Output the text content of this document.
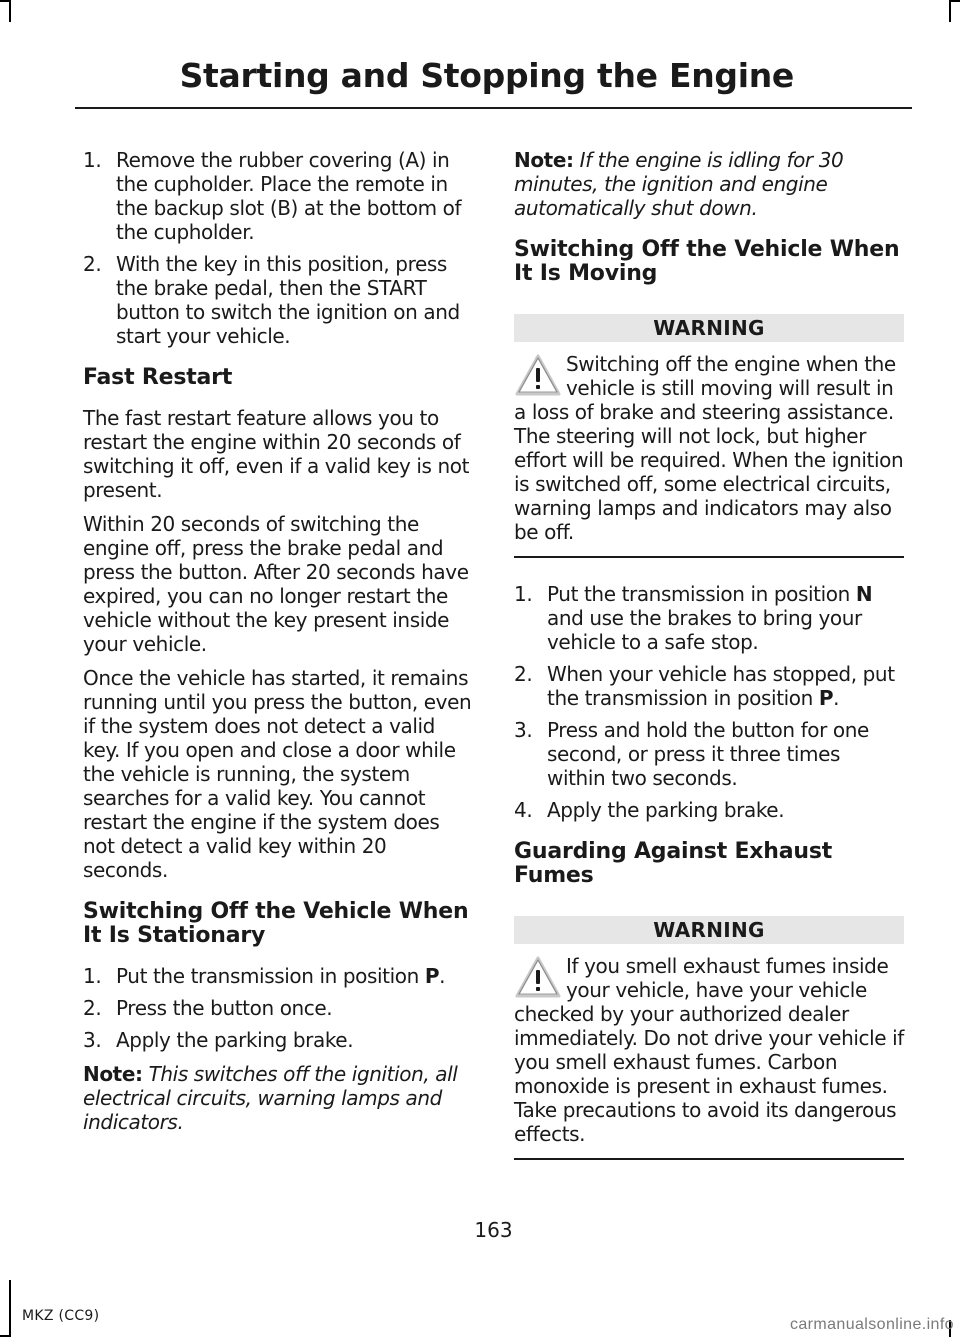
Starting and Stopping the Engine
1. Remove the rubber covering (A) in the cupholder. Place the remote in the backup slot (B) at the bottom of the cupholder.
2. With the key in this position, press the brake pedal, then the START button to switch the ignition on and start your vehicle.
Fast Restart

The fast restart feature allows you to restart the engine within 20 seconds of switching it off, even if a valid key is not present.

Within 20 seconds of switching the engine off, press the brake pedal and press the button. After 20 seconds have expired, you can no longer restart the vehicle without the key present inside your vehicle.

Once the vehicle has started, it remains running until you press the button, even if the system does not detect a valid key. If you open and close a door while the vehicle is running, the system searches for a valid key. You cannot restart the engine if the system does not detect a valid key within 20 seconds.

Switching Off the Vehicle When It Is Stationary
1. Put the transmission in position P.
2. Press the button once.
3. Apply the parking brake.

Note: This switches off the ignition, all electrical circuits, warning lamps and indicators.

Note: If the engine is idling for 30 minutes, the ignition and engine automatically shut down.

Switching Off the Vehicle When It Is Moving
WARNING
Switching off the engine when the vehicle is still moving will result in a loss of brake and steering assistance. The steering will not lock, but higher effort will be required. When the ignition is switched off, some electrical circuits, warning lamps and indicators may also be off.
1. Put the transmission in position N and use the brakes to bring your vehicle to a safe stop.
2. When your vehicle has stopped, put the transmission in position P.
3. Press and hold the button for one second, or press it three times within two seconds.
4. Apply the parking brake.
Guarding Against Exhaust Fumes
WARNING
If you smell exhaust fumes inside your vehicle, have your vehicle checked by your authorized dealer immediately. Do not drive your vehicle if you smell exhaust fumes. Carbon monoxide is present in exhaust fumes. Take precautions to avoid its dangerous effects.
163
MKZ (CC9)	carmanualsonline.info
